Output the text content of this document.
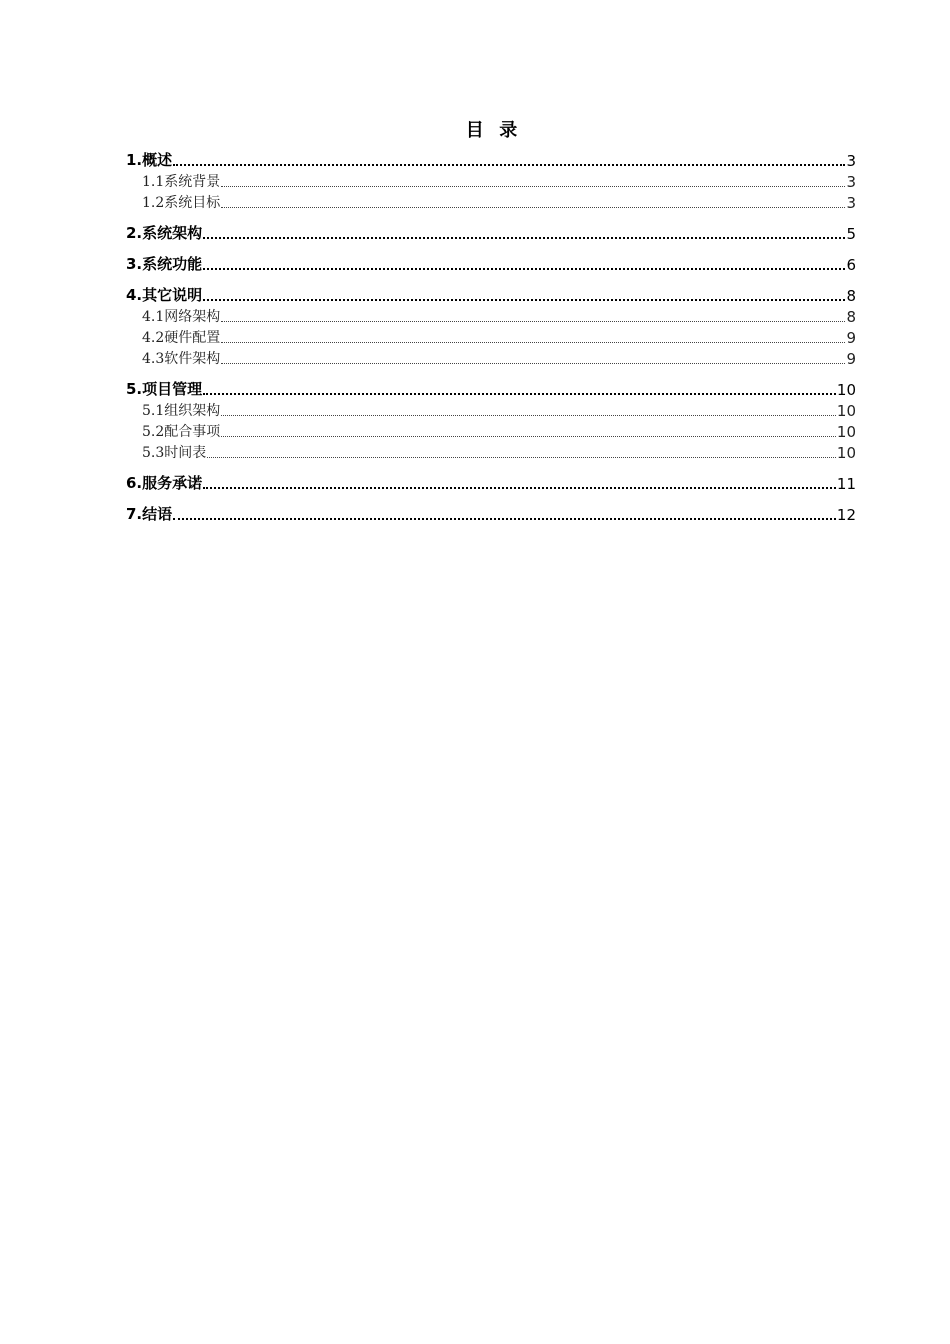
目  录
1.概述	3
1.1系统背景	3
1.2系统目标	3
2.系统架构	5
3.系统功能	6
4.其它说明	8
4.1网络架构	8
4.2硬件配置	9
4.3软件架构	9
5.项目管理	10
5.1组织架构	10
5.2配合事项	10
5.3时间表	10
6.服务承诺	11
7.结语	12
